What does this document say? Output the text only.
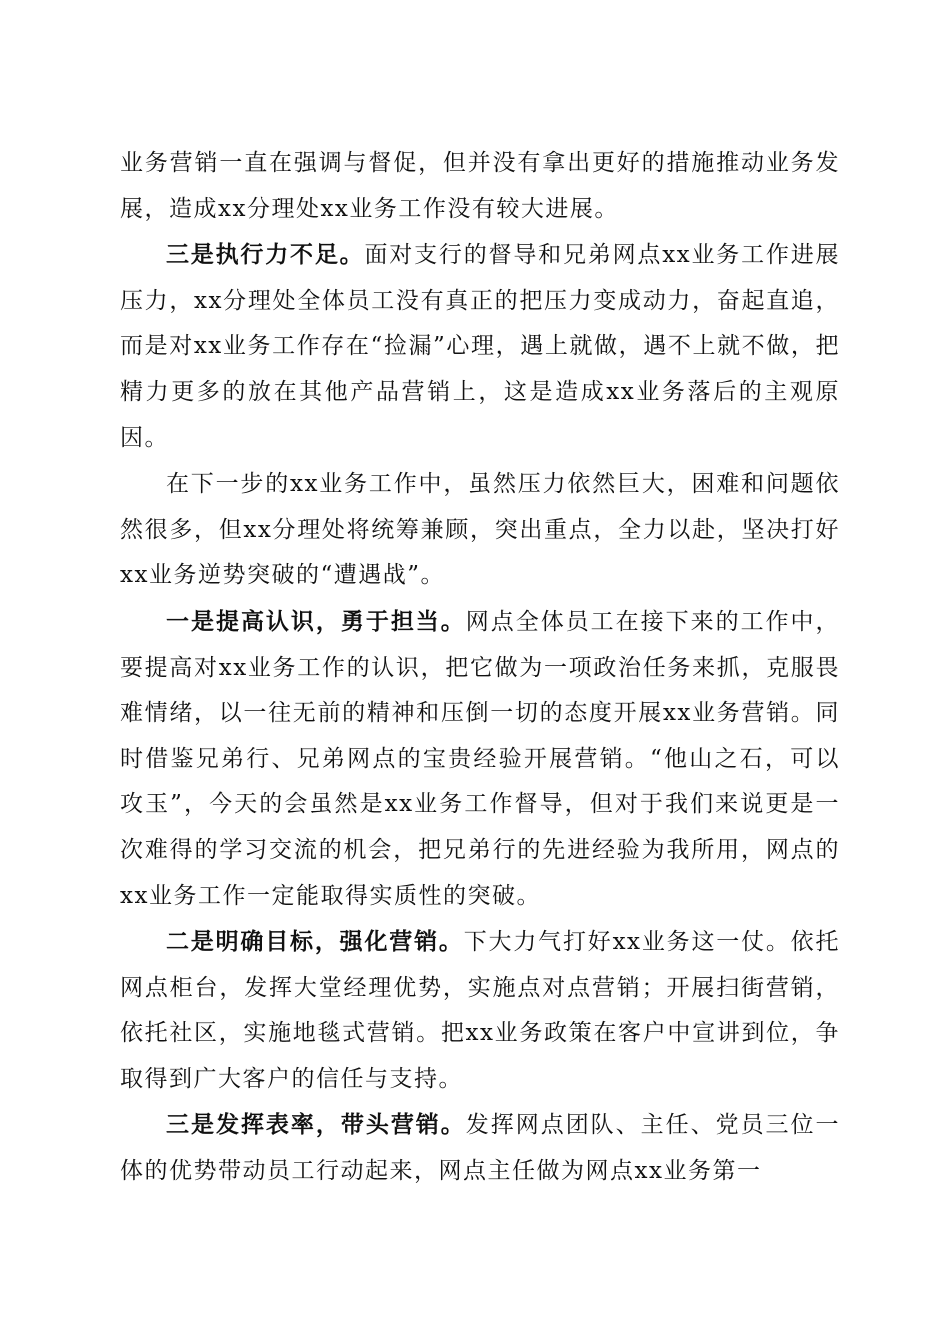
业务营销一直在强调与督促，但并没有拿出更好的措施推动业务发展，造成xx分理处xx业务工作没有较大进展。

三是执行力不足。面对支行的督导和兄弟网点xx业务工作进展压力，xx分理处全体员工没有真正的把压力变成动力，奋起直追，而是对xx业务工作存在“捡漏”心理，遇上就做，遇不上就不做，把精力更多的放在其他产品营销上，这是造成xx业务落后的主观原因。

在下一步的xx业务工作中，虽然压力依然巨大，困难和问题依然很多，但xx分理处将统筹兼顾，突出重点，全力以赴，坚决打好xx业务逆势突破的“遭遇战”。

一是提高认识，勇于担当。网点全体员工在接下来的工作中，要提高对xx业务工作的认识，把它做为一项政治任务来抓，克服畏难情绪，以一往无前的精神和压倒一切的态度开展xx业务营销。同时借鉴兄弟行、兄弟网点的宝贵经验开展营销。“他山之石，可以攻玉”，今天的会虽然是xx业务工作督导，但对于我们来说更是一次难得的学习交流的机会，把兄弟行的先进经验为我所用，网点的xx业务工作一定能取得实质性的突破。

二是明确目标，强化营销。下大力气打好xx业务这一仗。依托网点柜台，发挥大堂经理优势，实施点对点营销；开展扫街营销，依托社区，实施地毯式营销。把xx业务政策在客户中宣讲到位，争取得到广大客户的信任与支持。

三是发挥表率，带头营销。发挥网点团队、主任、党员三位一体的优势带动员工行动起来，网点主任做为网点xx业务第一
